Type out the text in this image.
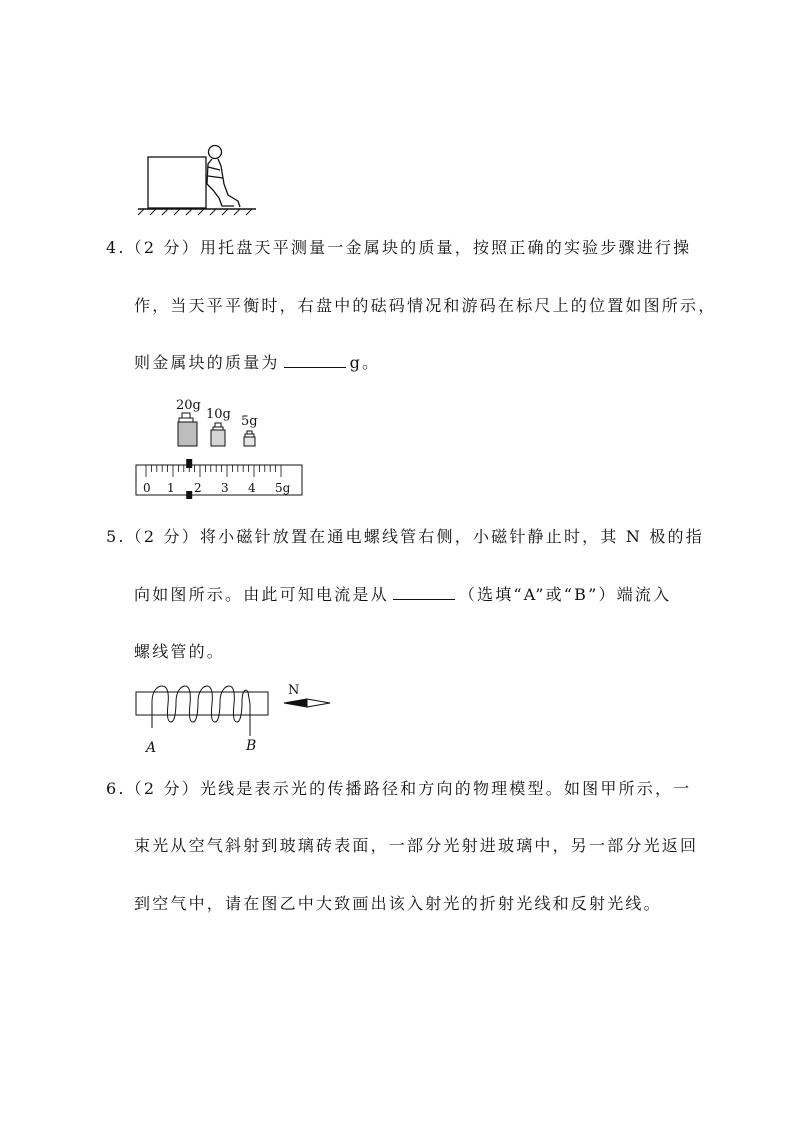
4.（2 分）用托盘天平测量一金属块的质量，按照正确的实验步骤进行操
作，当天平平衡时，右盘中的砝码情况和游码在标尺上的位置如图所示，
则金属块的质量为	g。
20g
10g 5g
0 1 2 3 4 5g
5.（2 分）将小磁针放置在通电螺线管右侧，小磁针静止时，其 N 极的指
向如图所示。由此可知电流是从	（选填“A”或“B”）端流入
螺线管的。
A	B
N
6.（2 分）光线是表示光的传播路径和方向的物理模型。如图甲所示，一
束光从空气斜射到玻璃砖表面，一部分光射进玻璃中，另一部分光返回
到空气中，请在图乙中大致画出该入射光的折射光线和反射光线。
